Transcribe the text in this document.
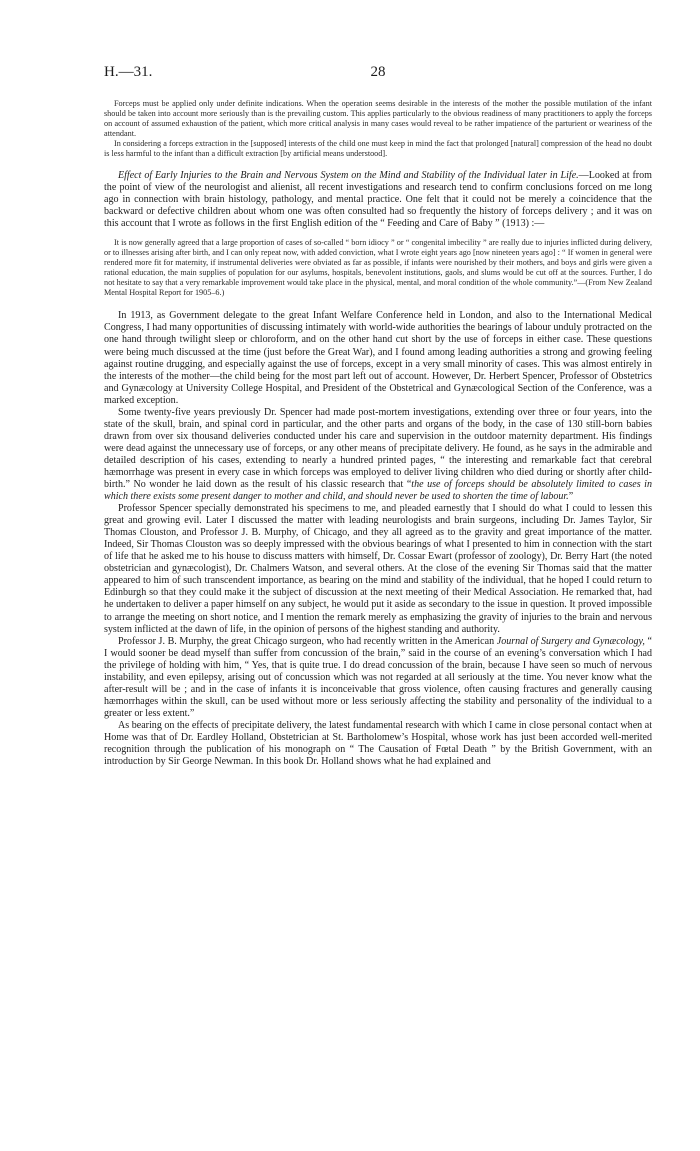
H.—31.	28

Forceps must be applied only under definite indications. When the operation seems desirable in the interests of the mother the possible mutilation of the infant should be taken into account more seriously than is the prevailing custom. This applies particularly to the obvious readiness of many practitioners to apply the forceps on account of assumed exhaustion of the patient, which more critical analysis in many cases would reveal to be rather impatience of the parturient or weariness of the attendant.

In considering a forceps extraction in the [supposed] interests of the child one must keep in mind the fact that prolonged [natural] compression of the head no doubt is less harmful to the infant than a difficult extraction [by artificial means understood].

Effect of Early Injuries to the Brain and Nervous System on the Mind and Stability of the Individual later in Life.—Looked at from the point of view of the neurologist and alienist, all recent investigations and research tend to confirm conclusions forced on me long ago in connection with brain histology, pathology, and mental practice. One felt that it could not be merely a coincidence that the backward or defective children about whom one was often consulted had so frequently the history of forceps delivery ; and it was on this account that I wrote as follows in the first English edition of the “ Feeding and Care of Baby ” (1913) :—

It is now generally agreed that a large proportion of cases of so-called “ born idiocy ” or “ congenital imbecility ” are really due to injuries inflicted during delivery, or to illnesses arising after birth, and I can only repeat now, with added conviction, what I wrote eight years ago [now nineteen years ago] : “ If women in general were rendered more fit for maternity, if instrumental deliveries were obviated as far as possible, if infants were nourished by their mothers, and boys and girls were given a rational education, the main supplies of population for our asylums, hospitals, benevolent institutions, gaols, and slums would be cut off at the sources. Further, I do not hesitate to say that a very remarkable improvement would take place in the physical, mental, and moral condition of the whole community.”—(From New Zealand Mental Hospital Report for 1905–6.)

In 1913, as Government delegate to the great Infant Welfare Conference held in London, and also to the International Medical Congress, I had many opportunities of discussing intimately with world-wide authorities the bearings of labour unduly protracted on the one hand through twilight sleep or chloroform, and on the other hand cut short by the use of forceps in either case. These questions were being much discussed at the time (just before the Great War), and I found among leading authorities a strong and growing feeling against routine drugging, and especially against the use of forceps, except in a very small minority of cases. This was almost entirely in the interests of the mother—the child being for the most part left out of account. However, Dr. Herbert Spencer, Professor of Obstetrics and Gynæcology at University College Hospital, and President of the Obstetrical and Gynæcological Section of the Conference, was a marked exception.

Some twenty-five years previously Dr. Spencer had made post-mortem investigations, extending over three or four years, into the state of the skull, brain, and spinal cord in particular, and the other parts and organs of the body, in the case of 130 still-born babies drawn from over six thousand deliveries conducted under his care and supervision in the outdoor maternity department. His findings were dead against the unnecessary use of forceps, or any other means of precipitate delivery. He found, as he says in the admirable and detailed description of his cases, extending to nearly a hundred printed pages, “ the interesting and remarkable fact that cerebral hæmorrhage was present in every case in which forceps was employed to deliver living children who died during or shortly after child-birth.” No wonder he laid down as the result of his classic research that “the use of forceps should be absolutely limited to cases in which there exists some present danger to mother and child, and should never be used to shorten the time of labour.”

Professor Spencer specially demonstrated his specimens to me, and pleaded earnestly that I should do what I could to lessen this great and growing evil. Later I discussed the matter with leading neurologists and brain surgeons, including Dr. James Taylor, Sir Thomas Clouston, and Professor J. B. Murphy, of Chicago, and they all agreed as to the gravity and great importance of the matter. Indeed, Sir Thomas Clouston was so deeply impressed with the obvious bearings of what I presented to him in connection with the start of life that he asked me to his house to discuss matters with himself, Dr. Cossar Ewart (professor of zoology), Dr. Berry Hart (the noted obstetrician and gynæcologist), Dr. Chalmers Watson, and several others. At the close of the evening Sir Thomas said that the matter appeared to him of such transcendent importance, as bearing on the mind and stability of the individual, that he hoped I could return to Edinburgh so that they could make it the subject of discussion at the next meeting of their Medical Association. He remarked that, had he undertaken to deliver a paper himself on any subject, he would put it aside as secondary to the issue in question. It proved impossible to arrange the meeting on short notice, and I mention the remark merely as emphasizing the gravity of injuries to the brain and nervous system inflicted at the dawn of life, in the opinion of persons of the highest standing and authority.

Professor J. B. Murphy, the great Chicago surgeon, who had recently written in the American Journal of Surgery and Gynæcology, “ I would sooner be dead myself than suffer from concussion of the brain,” said in the course of an evening’s conversation which I had the privilege of holding with him, “ Yes, that is quite true. I do dread concussion of the brain, because I have seen so much of nervous instability, and even epilepsy, arising out of concussion which was not regarded at all seriously at the time. You never know what the after-result will be ; and in the case of infants it is inconceivable that gross violence, often causing fractures and generally causing hæmorrhages within the skull, can be used without more or less seriously affecting the stability and personality of the individual to a greater or less extent.”

As bearing on the effects of precipitate delivery, the latest fundamental research with which I came in close personal contact when at Home was that of Dr. Eardley Holland, Obstetrician at St. Bartholomew’s Hospital, whose work has just been accorded well-merited recognition through the publication of his monograph on “ The Causation of Fœtal Death ” by the British Government, with an introduction by Sir George Newman. In this book Dr. Holland shows what he had explained and
